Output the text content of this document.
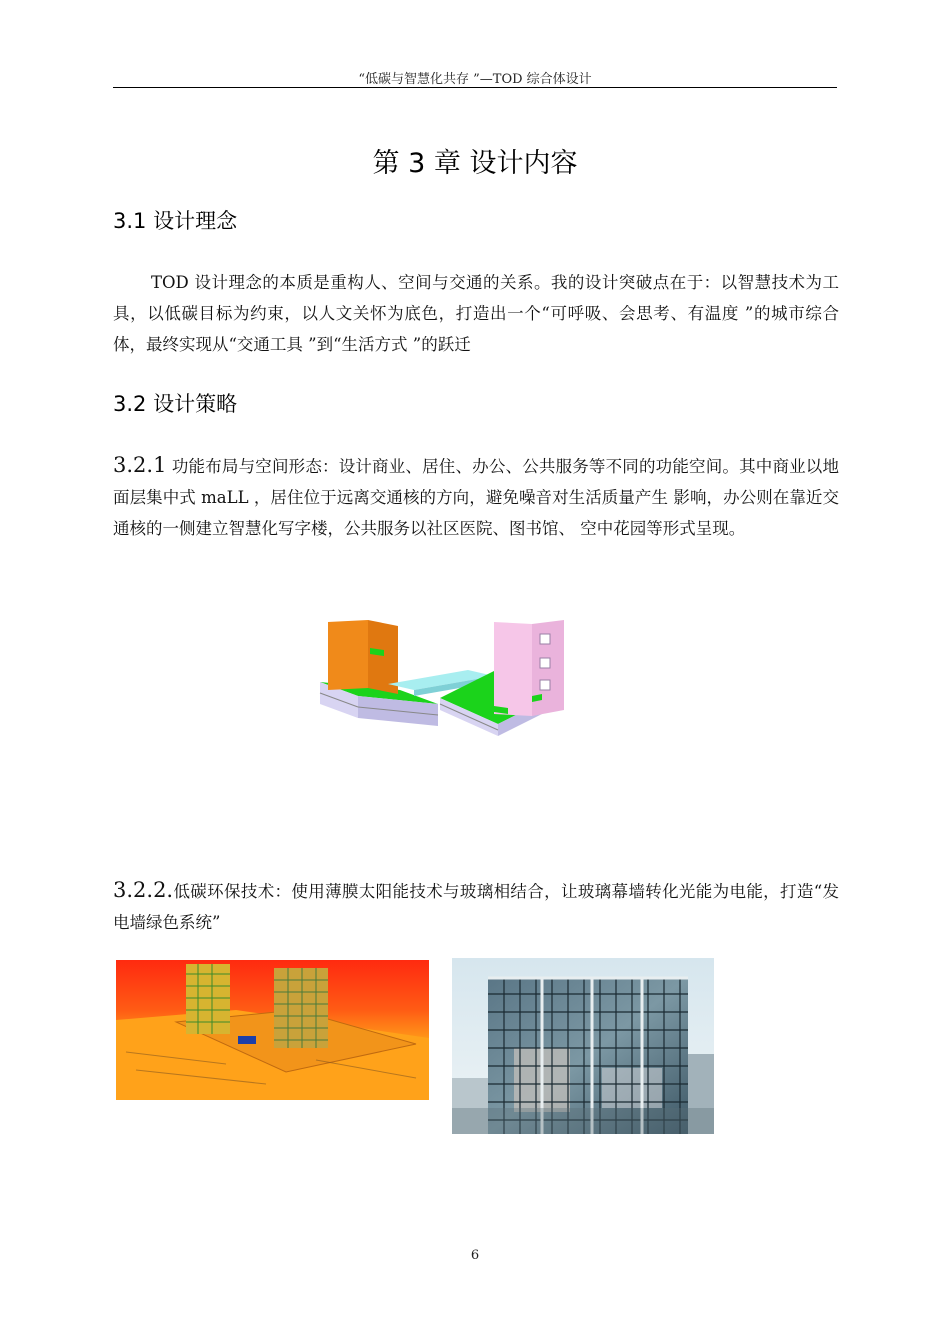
“低碳与智慧化共存 ”—TOD 综合体设计
第 3 章 设计内容
3.1 设计理念
TOD 设计理念的本质是重构人、空间与交通的关系。我的设计突破点在于：以智慧技术为工具，以低碳目标为约束，以人文关怀为底色，打造出一个“可呼吸、会思考、有温度 ”的城市综合体，最终实现从“交通工具 ”到“生活方式 ”的跃迁
3.2 设计策略
3.2.1 功能布局与空间形态：设计商业、居住、办公、公共服务等不同的功能空间。其中商业以地面层集中式 maLL ，居住位于远离交通核的方向，避免噪音对生活质量产生 影响，办公则在靠近交通核的一侧建立智慧化写字楼，公共服务以社区医院、图书馆、 空中花园等形式呈现。
3.2.2.低碳环保技术：使用薄膜太阳能技术与玻璃相结合，让玻璃幕墙转化光能为电能，打造“发电墙绿色系统”
6
